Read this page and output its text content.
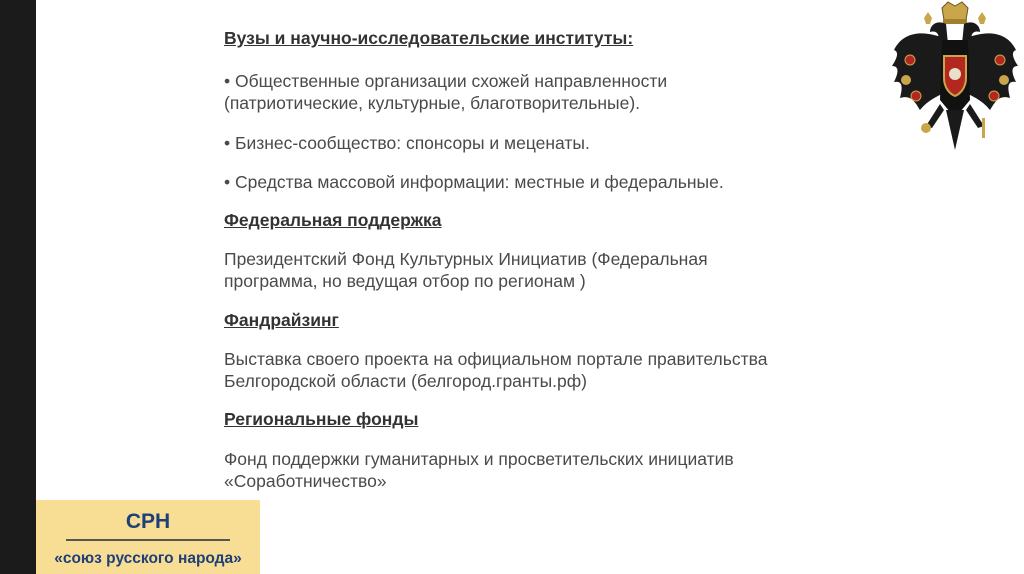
Вузы и научно-исследовательские институты:

• Общественные организации схожей направленности

(патриотические, культурные, благотворительные).

• Бизнес-сообщество: спонсоры и меценаты.

• Средства массовой информации: местные и федеральные.

Федеральная поддержка

Президентский Фонд Культурных Инициатив (Федеральная

программа, но ведущая отбор по регионам )

Фандрайзинг

Выставка своего проекта на официальном портале правительства

Белгородской области (белгород.гранты.рф)

Региональные фонды

Фонд поддержки гуманитарных и просветительских инициатив

«Соработничество»

СРН

«союз русского народа»
